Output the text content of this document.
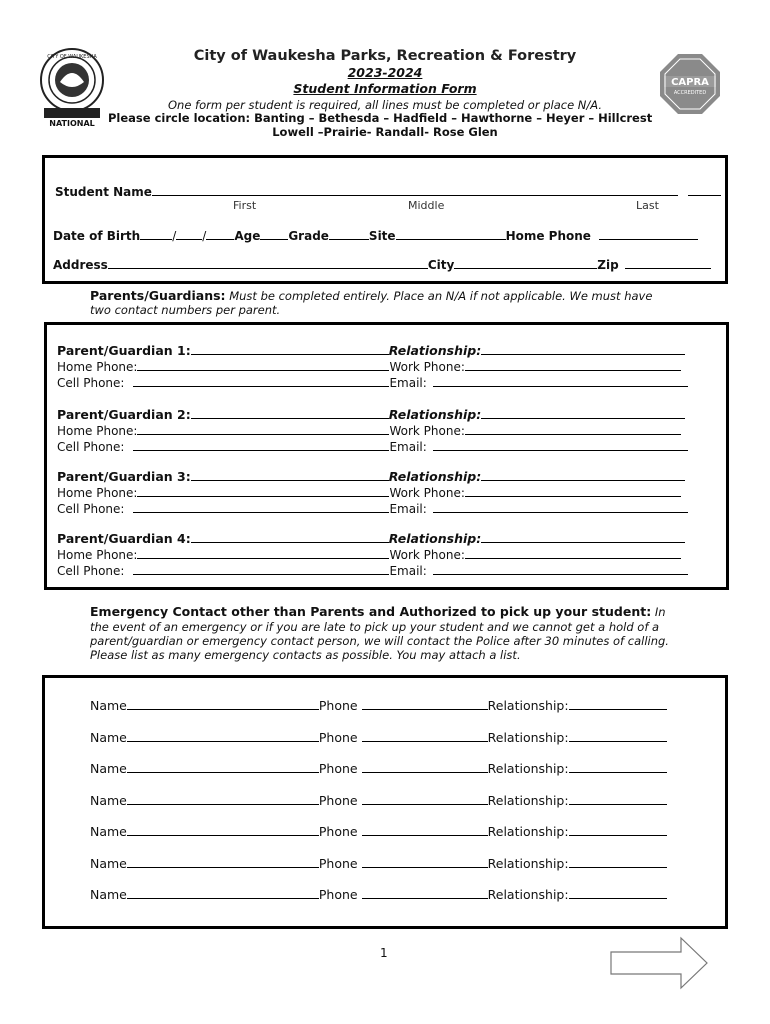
CITY OF WAUKESHA
NATIONAL
CAPRA
ACCREDITED
City of Waukesha Parks, Recreation & Forestry
2023-2024
Student Information Form
One form per student is required, all lines must be completed or place N/A.
Please circle location: Banting – Bethesda – Hadfield – Hawthorne – Heyer – Hillcrest
Lowell –Prairie- Randall- Rose Glen
Student Name
First	Middle	Last
Date of Birth	/ / Age Grade	Site	Home Phone
Address	City	Zip
Parents/Guardians: Must be completed entirely. Place an N/A if not applicable. We must have
two contact numbers per parent.
Parent/Guardian 1:	Relationship:
Home Phone:	Work Phone:
Cell Phone:	Email:
Parent/Guardian 2:	Relationship:
Home Phone:	Work Phone:
Cell Phone:	Email:
Parent/Guardian 3:	Relationship:
Home Phone:	Work Phone:
Cell Phone:	Email:
Parent/Guardian 4:	Relationship:
Home Phone:	Work Phone:
Cell Phone:	Email:
Emergency Contact other than Parents and Authorized to pick up your student: In
the event of an emergency or if you are late to pick up your student and we cannot get a hold of a
parent/guardian or emergency contact person, we will contact the Police after 30 minutes of calling.
Please list as many emergency contacts as possible. You may attach a list.
Name	Phone	Relationship:
Name	Phone	Relationship:
Name	Phone	Relationship:
Name	Phone	Relationship:
Name	Phone	Relationship:
Name	Phone	Relationship:
Name	Phone	Relationship:
1
